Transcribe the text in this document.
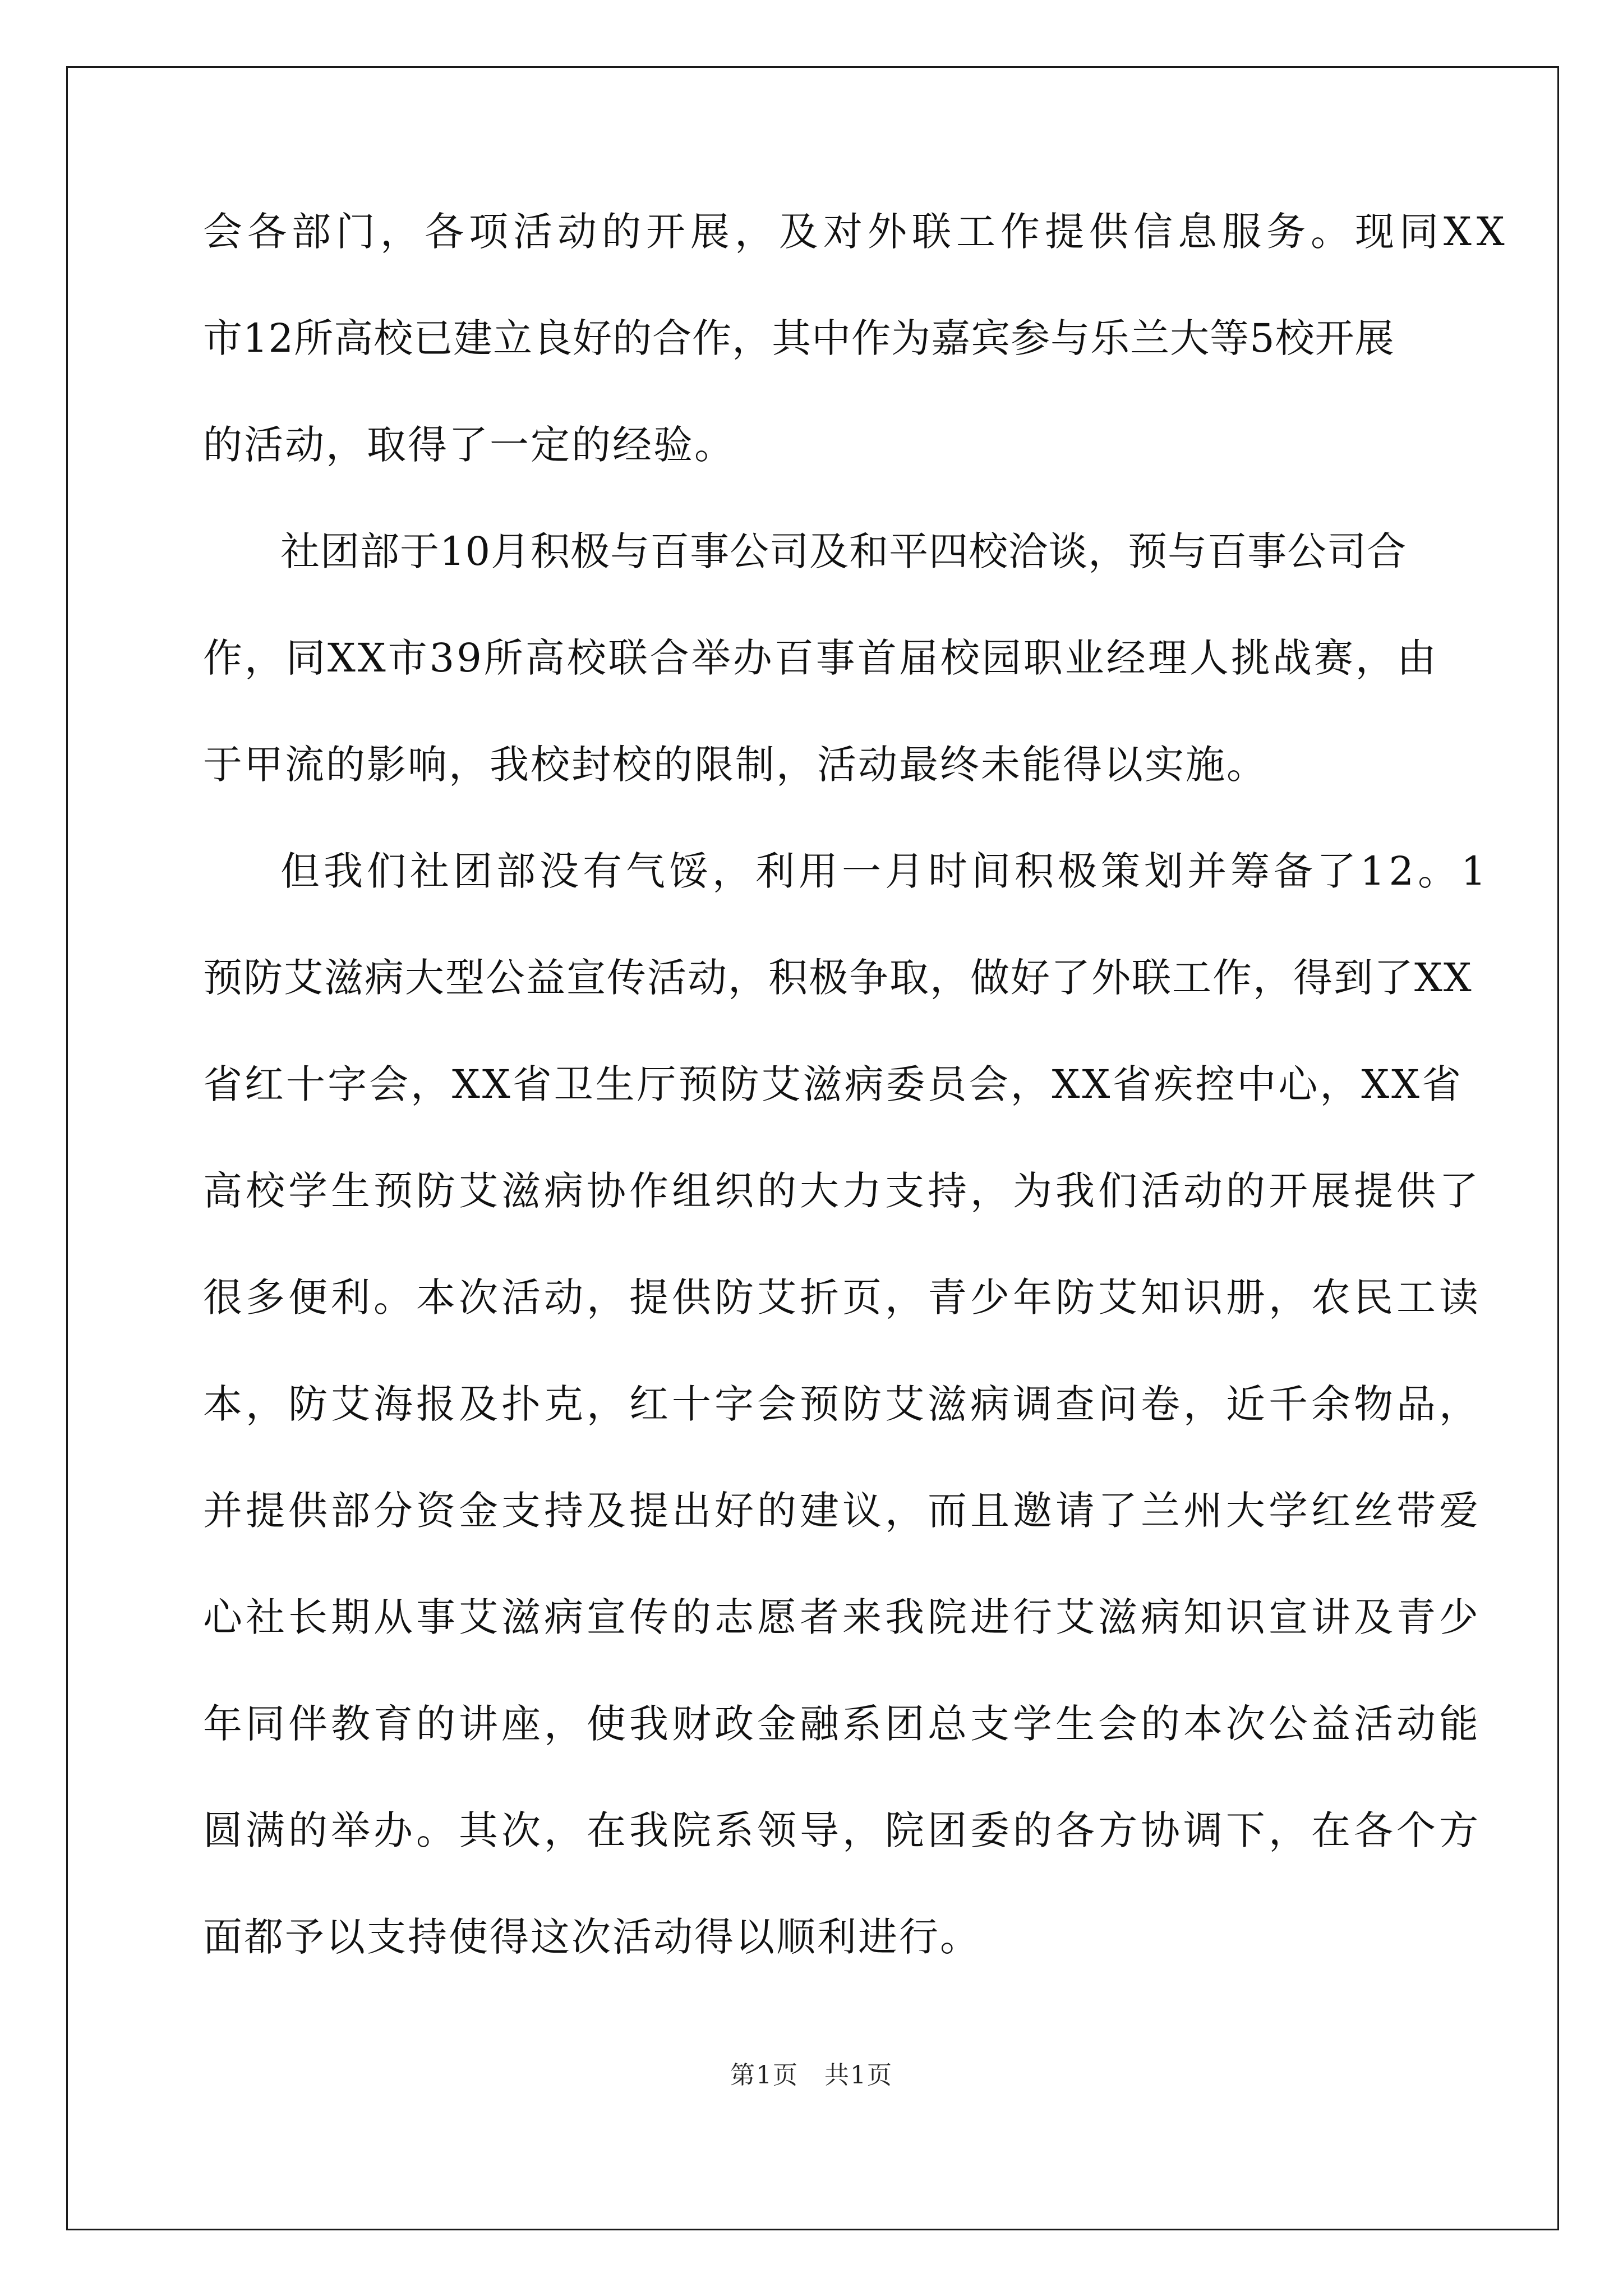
会各部门，各项活动的开展，及对外联工作提供信息服务。现同XX
市12所高校已建立良好的合作，其中作为嘉宾参与乐兰大等5校开展
的活动，取得了一定的经验。
社团部于10月积极与百事公司及和平四校洽谈，预与百事公司合
作，同XX市39所高校联合举办百事首届校园职业经理人挑战赛，由
于甲流的影响，我校封校的限制，活动最终未能得以实施。
但我们社团部没有气馁，利用一月时间积极策划并筹备了12。1
预防艾滋病大型公益宣传活动，积极争取，做好了外联工作，得到了XX
省红十字会，XX省卫生厅预防艾滋病委员会，XX省疾控中心，XX省
高校学生预防艾滋病协作组织的大力支持，为我们活动的开展提供了
很多便利。本次活动，提供防艾折页，青少年防艾知识册，农民工读
本，防艾海报及扑克，红十字会预防艾滋病调查问卷，近千余物品，
并提供部分资金支持及提出好的建议，而且邀请了兰州大学红丝带爱
心社长期从事艾滋病宣传的志愿者来我院进行艾滋病知识宣讲及青少
年同伴教育的讲座，使我财政金融系团总支学生会的本次公益活动能
圆满的举办。其次，在我院系领导，院团委的各方协调下，在各个方
面都予以支持使得这次活动得以顺利进行。
第1页　共1页
